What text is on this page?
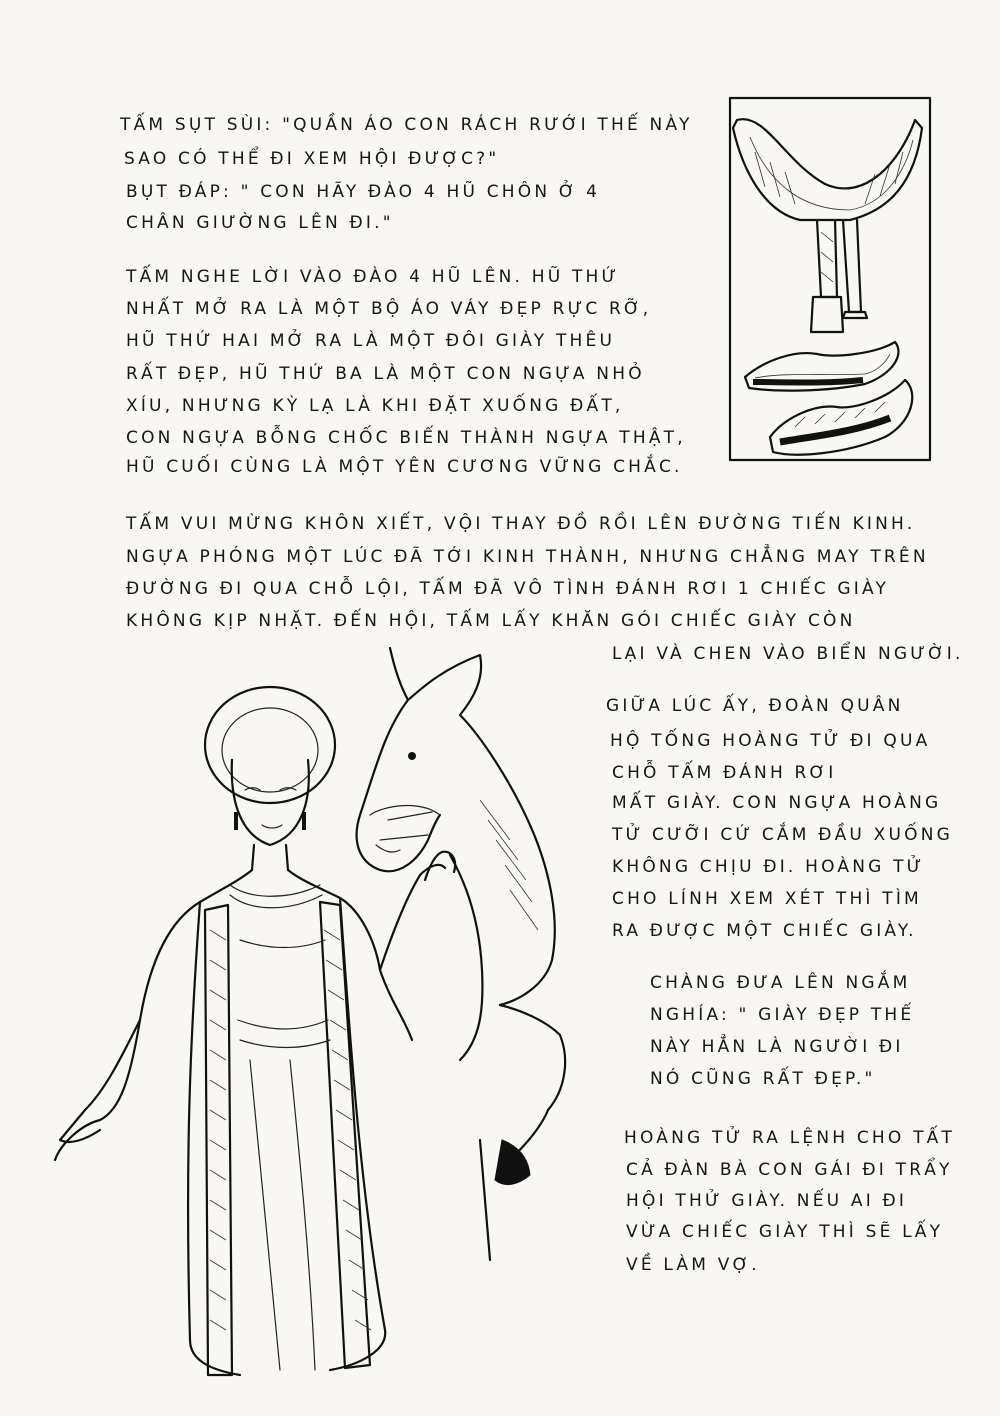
TẤM SỤT SÙI: "QUẦN ÁO CON RÁCH RƯỚI THẾ NÀY
SAO CÓ THỂ ĐI XEM HỘI ĐƯỢC?"
BỤT ĐÁP: " CON HÃY ĐÀO 4 HŨ CHÔN Ở 4
CHÂN GIƯỜNG LÊN ĐI."
TẤM NGHE LỜI VÀO ĐÀO 4 HŨ LÊN. HŨ THỨ
NHẤT MỞ RA LÀ MỘT BỘ ÁO VÁY ĐẸP RỰC RỠ,
HŨ THỨ HAI MỞ RA LÀ MỘT ĐÔI GIÀY THÊU
RẤT ĐẸP, HŨ THỨ BA LÀ MỘT CON NGỰA NHỎ
XÍU, NHƯNG KỲ LẠ LÀ KHI ĐẶT XUỐNG ĐẤT,
CON NGỰA BỖNG CHỐC BIẾN THÀNH NGỰA THẬT,
HŨ CUỐI CÙNG LÀ MỘT YÊN CƯƠNG VỮNG CHẮC.
TẤM VUI MỪNG KHÔN XIẾT, VỘI THAY ĐỒ RỒI LÊN ĐƯỜNG TIẾN KINH.
NGỰA PHÓNG MỘT LÚC ĐÃ TỚI KINH THÀNH, NHƯNG CHẲNG MAY TRÊN
ĐƯỜNG ĐI QUA CHỖ LỘI, TẤM ĐÃ VÔ TÌNH ĐÁNH RƠI 1 CHIẾC GIÀY
KHÔNG KỊP NHẶT. ĐẾN HỘI, TẤM LẤY KHĂN GÓI CHIẾC GIÀY CÒN
LẠI VÀ CHEN VÀO BIỂN NGƯỜI.
GIỮA LÚC ẤY, ĐOÀN QUÂN
HỘ TỐNG HOÀNG TỬ ĐI QUA
CHỖ TẤM ĐÁNH RƠI
MẤT GIÀY. CON NGỰA HOÀNG
TỬ CƯỠI CỨ CẮM ĐẦU XUỐNG
KHÔNG CHỊU ĐI. HOÀNG TỬ
CHO LÍNH XEM XÉT THÌ TÌM
RA ĐƯỢC MỘT CHIẾC GIÀY.
CHÀNG ĐƯA LÊN NGẮM
NGHÍA: " GIÀY ĐẸP THẾ
NÀY HẲN LÀ NGƯỜI ĐI
NÓ CŨNG RẤT ĐẸP."
HOÀNG TỬ RA LỆNH CHO TẤT
CẢ ĐÀN BÀ CON GÁI ĐI TRẨY
HỘI THỬ GIÀY. NẾU AI ĐI
VỪA CHIẾC GIÀY THÌ SẼ LẤY
VỀ LÀM VỢ.
